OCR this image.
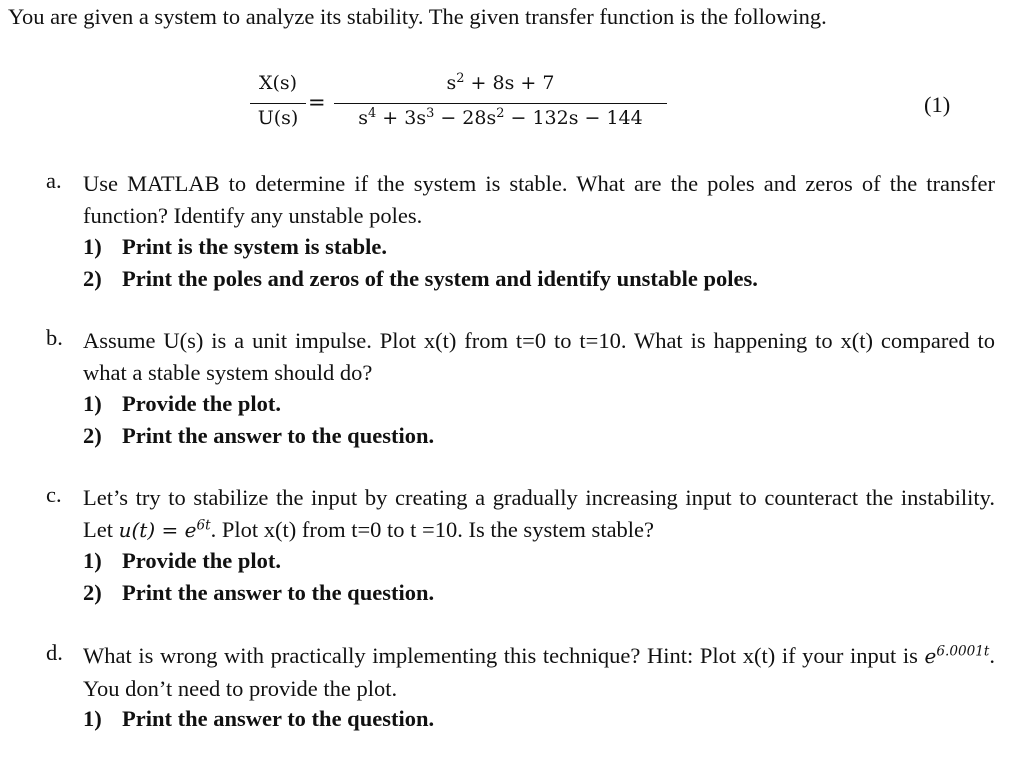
You are given a system to analyze its stability. The given transfer function is the following.
X(s)
U(s)
=
$s^2 + 8s + 7$
$s^4 + 3s^3 - 28s^2 - 132s - 144$
(1)
a. Use MATLAB to determine if the system is stable. What are the poles and zeros of the transfer function? Identify any unstable poles.
1) Print is the system is stable.
2) Print the poles and zeros of the system and identify unstable poles.
b. Assume U(s) is a unit impulse. Plot x(t) from t=0 to t=10. What is happening to x(t) compared to what a stable system should do?
1) Provide the plot.
2) Print the answer to the question.
c. Let’s try to stabilize the input by creating a gradually increasing input to counteract the instability. Let $u(t) = e^{6t}$. Plot x(t) from t=0 to t =10. Is the system stable?
1) Provide the plot.
2) Print the answer to the question.
d. What is wrong with practically implementing this technique? Hint: Plot x(t) if your input is $e^{6.0001t}$. You don’t need to provide the plot.
1) Print the answer to the question.
